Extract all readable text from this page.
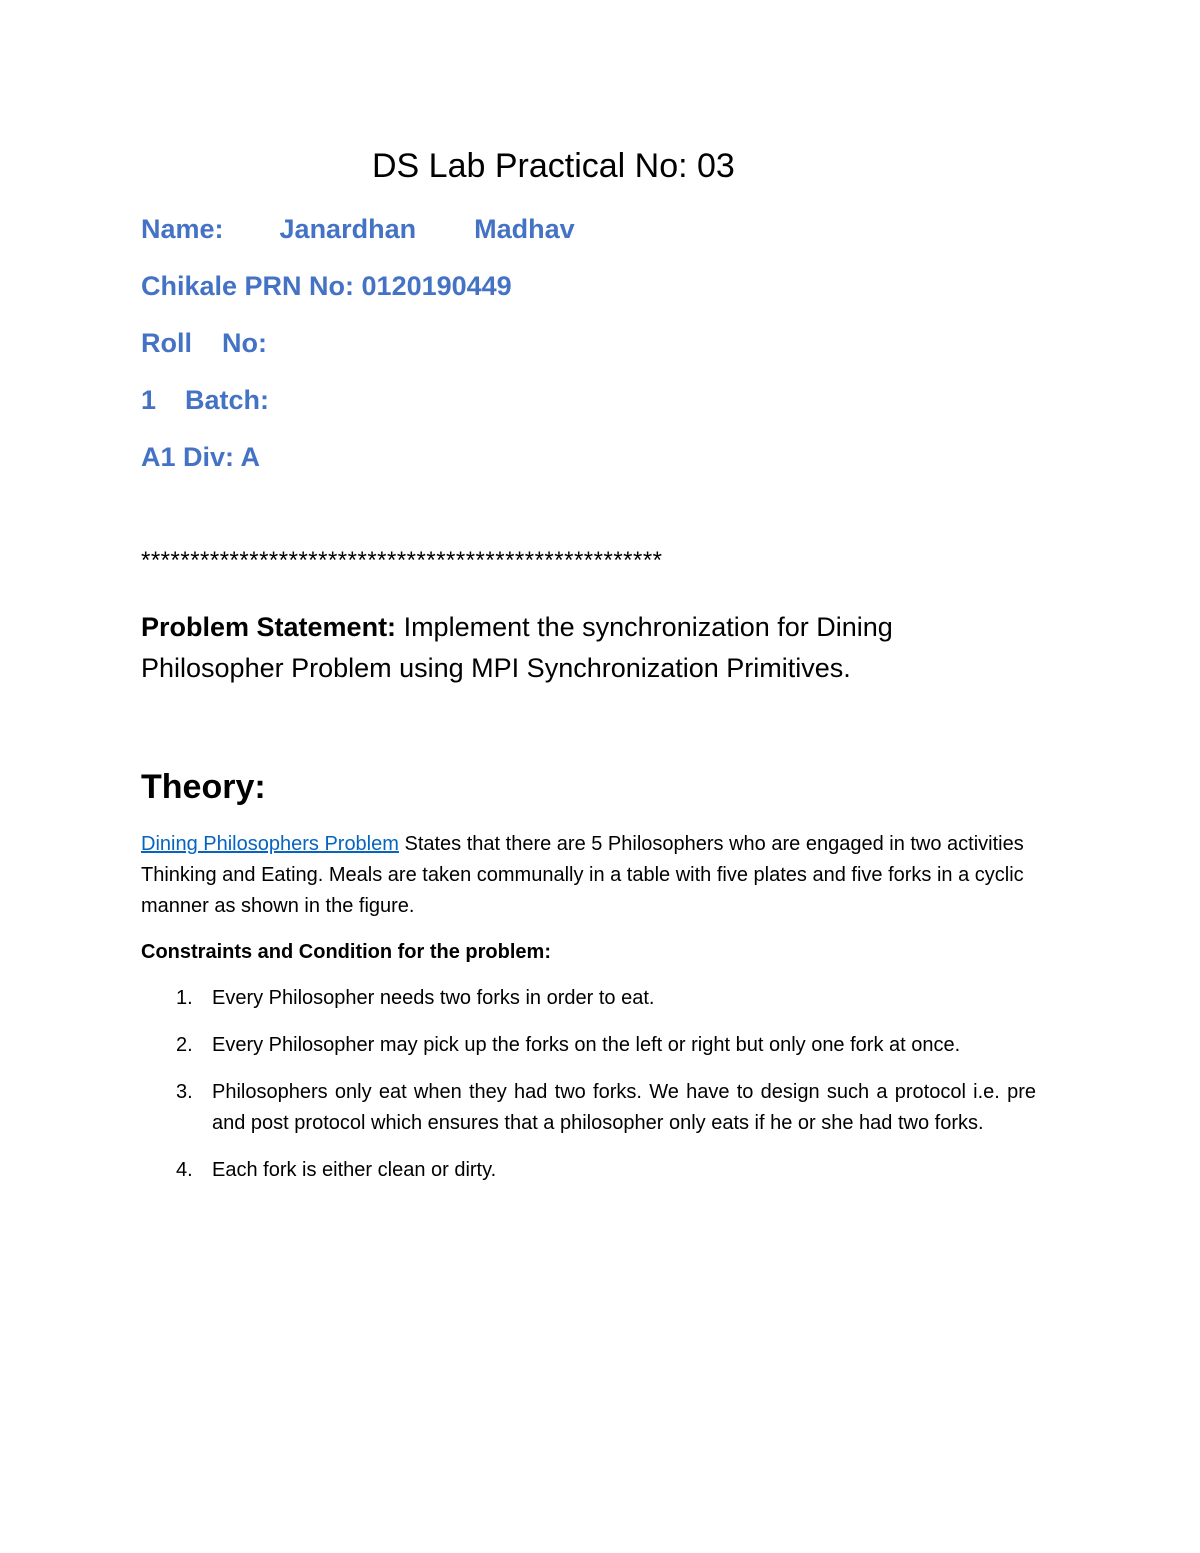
DS Lab Practical No: 03
Name: Janardhan Madhav
Chikale PRN No: 0120190449
Roll No:
1 Batch:
A1 Div: A
*****************************************************
Problem Statement: Implement the synchronization for Dining Philosopher Problem using MPI Synchronization Primitives.
Theory:
Dining Philosophers Problem States that there are 5 Philosophers who are engaged in two activities Thinking and Eating. Meals are taken communally in a table with five plates and five forks in a cyclic manner as shown in the figure.
Constraints and Condition for the problem:
1. Every Philosopher needs two forks in order to eat.
2. Every Philosopher may pick up the forks on the left or right but only one fork at once.
3. Philosophers only eat when they had two forks. We have to design such a protocol i.e. pre and post protocol which ensures that a philosopher only eats if he or she had two forks.
4. Each fork is either clean or dirty.
